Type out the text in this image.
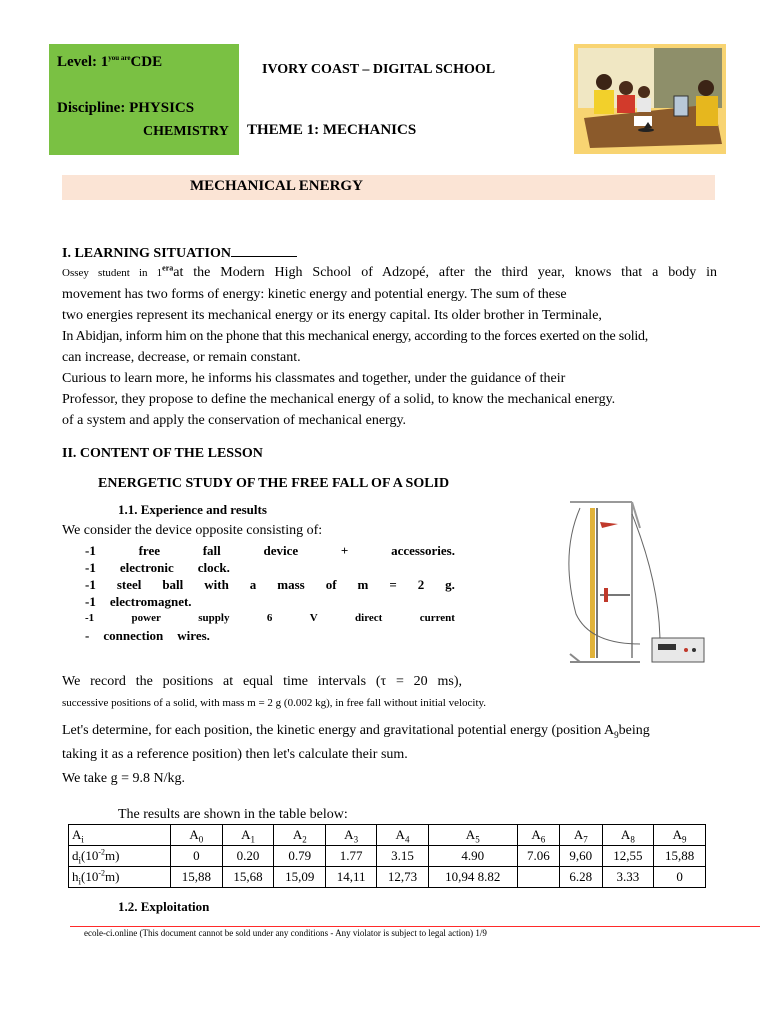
Level: $1^{you are}CDE$
Discipline: PHYSICS
CHEMISTRY THEME 1: MECHANICS
IVORY COAST – DIGITAL SCHOOL
MECHANICAL ENERGY
I. LEARNING SITUATION

Ossey student in $1^{era}at$ the Modern High School of Adzopé, after the third year, knows that a body in

movement has two forms of energy: kinetic energy and potential energy. The sum of these

two energies represent its mechanical energy or its energy capital. Its older brother in Terminale,

In Abidjan, inform him on the phone that this mechanical energy, according to the forces exerted on the solid,

can increase, decrease, or remain constant.

Curious to learn more, he informs his classmates and together, under the guidance of their

Professor, they propose to define the mechanical energy of a solid, to know the mechanical energy.

of a system and apply the conservation of mechanical energy.

II. CONTENT OF THE LESSON
ENERGETIC STUDY OF THE FREE FALL OF A SOLID
1.1. Experience and results
We consider the device opposite consisting of:
-1	free	fall	device	+	accessories.
-1 electronic clock.
-1 steel ball with a mass of m = 2 g.
-1 electromagnet.
-1	power	supply	6	V	direct	current
- connection wires.

We record the positions at equal time intervals (τ = 20 ms),

successive positions of a solid, with mass m = 2 g (0.002 kg), in free fall without initial velocity.

Let's determine, for each position, the kinetic energy and gravitational potential energy (position $A_9being$

taking it as a reference position) then let's calculate their sum.

We take g = 9.8 N/kg.

The results are shown in the table below:
$A_i$	$A_0$	$A_1$	$A_2$	$A_3$	$A_4$	$A_5$	$A_6$	$A_7$	$A_8$	$A_9$
$d_i(10^{-2}m)$	0	0.20	0.79	1.77	3.15	4.90	7.06	9,60	12,55	15,88
$h_i(10^{-2}m)$	15,88	15,68	15,09	14,11	12,73	10,94 8.82		6.28	3.33	0
1.2. Exploitation
ecole-ci.online (This document cannot be sold under any conditions - Any violator is subject to legal action) 1/9
